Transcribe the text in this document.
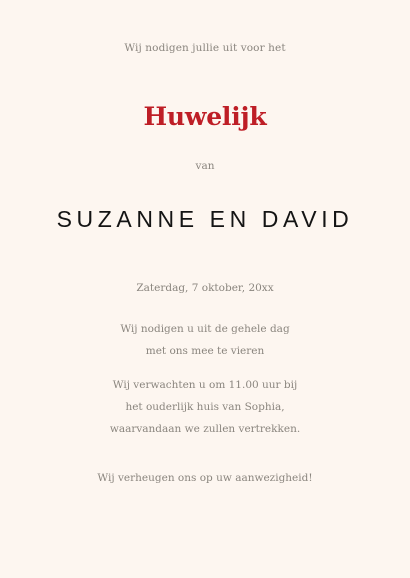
Wij nodigen jullie uit voor het

Huwelijk

van

SUZANNE EN DAVID

Zaterdag, 7 oktober, 20xx

Wij nodigen u uit de gehele dag
met ons mee te vieren
Wij verwachten u om 11.00 uur bij
het ouderlijk huis van Sophia,
waarvandaan we zullen vertrekken.

Wij verheugen ons op uw aanwezigheid!
